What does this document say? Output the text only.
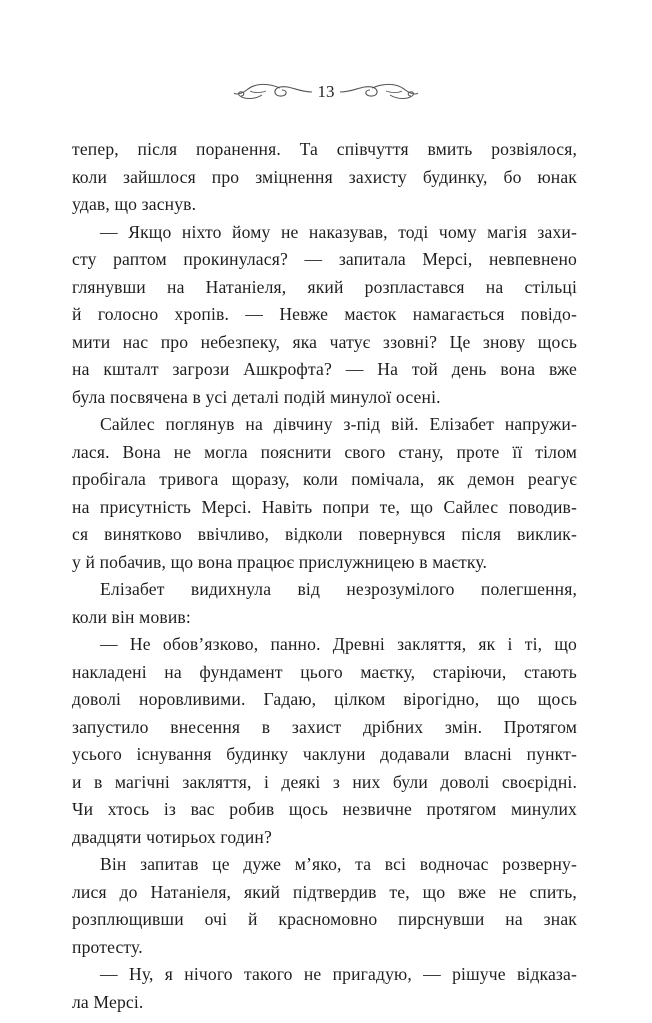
13
тепер, після поранення. Та співчуття вмить розвіялося,
коли зайшлося про зміцнення захисту будинку, бо юнак
удав, що заснув.
— Якщо ніхто йому не наказував, тоді чому магія захи-
сту раптом прокинулася? — запитала Мерсі, невпевнено
глянувши на Натаніеля, який розпластався на стільці
й голосно хропів. — Невже маєток намагається повідо-
мити нас про небезпеку, яка чатує ззовні? Це знову щось
на кшталт загрози Ашкрофта? — На той день вона вже
була посвячена в усі деталі подій минулої осені.
Сайлес поглянув на дівчину з-під вій. Елізабет напружи-
лася. Вона не могла пояснити свого стану, проте її тілом
пробігала тривога щоразу, коли помічала, як демон реагує
на присутність Мерсі. Навіть попри те, що Сайлес поводив-
ся винятково ввічливо, відколи повернувся після виклик-
у й побачив, що вона працює прислужницею в маєтку.
Елізабет видихнула від незрозумілого полегшення,
коли він мовив:
— Не обов’язково, панно. Древні закляття, як і ті, що
накладені на фундамент цього маєтку, старіючи, стають
доволі норовливими. Гадаю, цілком вірогідно, що щось
запустило внесення в захист дрібних змін. Протягом
усього існування будинку чаклуни додавали власні пункт-
и в магічні закляття, і деякі з них були доволі своєрідні.
Чи хтось із вас робив щось незвичне протягом минулих
двадцяти чотирьох годин?
Він запитав це дуже м’яко, та всі водночас розверну-
лися до Натаніеля, який підтвердив те, що вже не спить,
розплющивши очі й красномовно пирснувши на знак
протесту.
— Ну, я нічого такого не пригадую, — рішуче відказа-
ла Мерсі.
